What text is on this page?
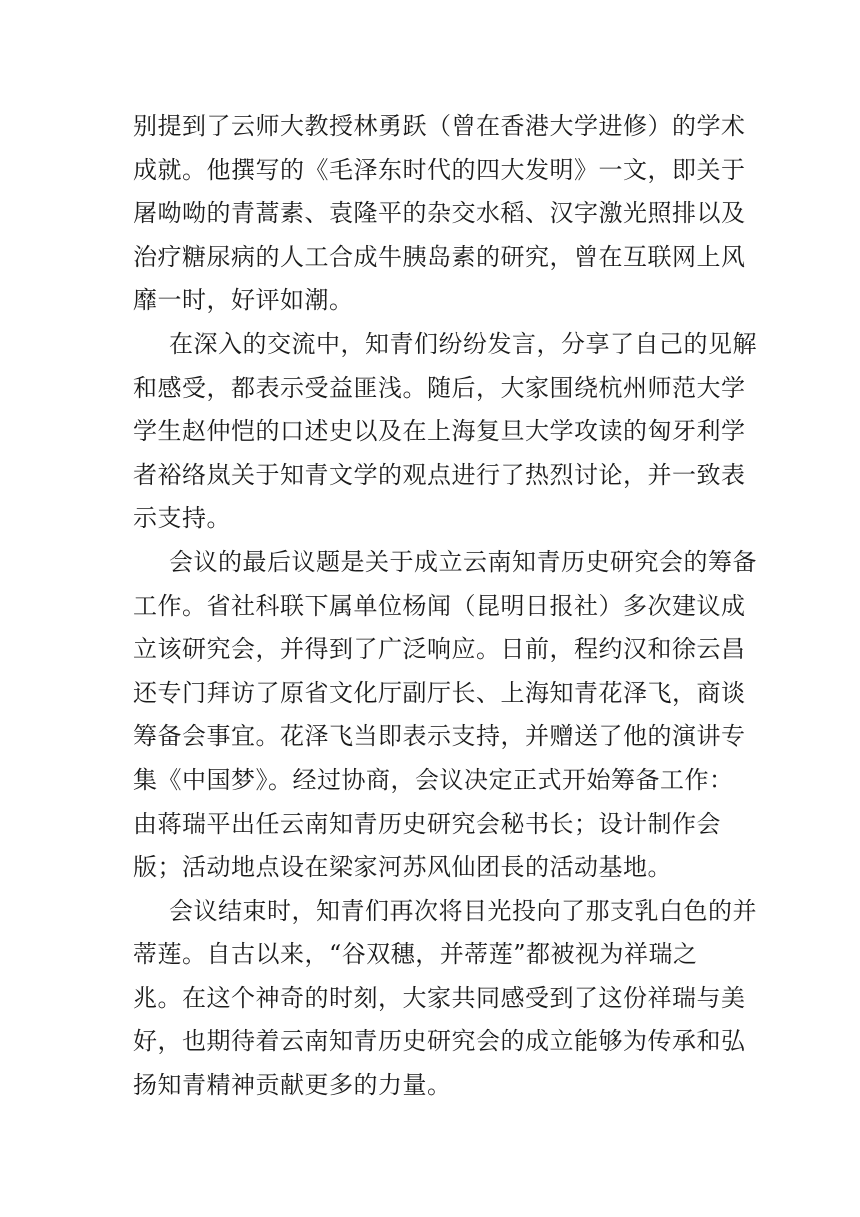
别提到了云师大教授林勇跃（曾在香港大学进修）的学术
成就。他撰写的《毛泽东时代的四大发明》一文，即关于
屠呦呦的青蒿素、袁隆平的杂交水稻、汉字激光照排以及
治疗糖尿病的人工合成牛胰岛素的研究，曾在互联网上风
靡一时，好评如潮。
在深入的交流中，知青们纷纷发言，分享了自己的见解
和感受，都表示受益匪浅。随后，大家围绕杭州师范大学
学生赵仲恺的口述史以及在上海复旦大学攻读的匈牙利学
者裕络岚关于知青文学的观点进行了热烈讨论，并一致表
示支持。
会议的最后议题是关于成立云南知青历史研究会的筹备
工作。省社科联下属单位杨闻（昆明日报社）多次建议成
立该研究会，并得到了广泛响应。日前，程约汉和徐云昌
还专门拜访了原省文化厅副厅长、上海知青花泽飞，商谈
筹备会事宜。花泽飞当即表示支持，并赠送了他的演讲专
集《中国梦》。经过协商，会议决定正式开始筹备工作：
由蒋瑞平出任云南知青历史研究会秘书长；设计制作会
版；活动地点设在梁家河苏风仙团長的活动基地。
会议结束时，知青们再次将目光投向了那支乳白色的并
蒂莲。自古以来，“谷双穗，并蒂莲”都被视为祥瑞之
兆。在这个神奇的时刻，大家共同感受到了这份祥瑞与美
好，也期待着云南知青历史研究会的成立能够为传承和弘
扬知青精神贡献更多的力量。
